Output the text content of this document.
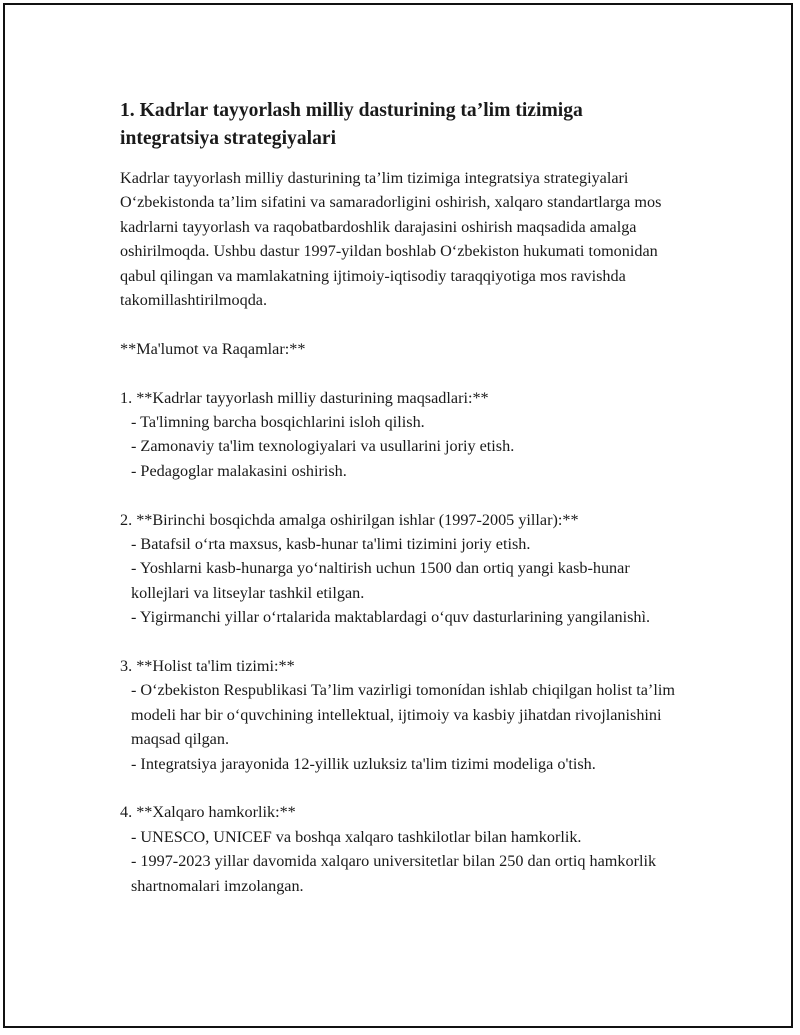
1. Kadrlar tayyorlash milliy dasturining ta’lim tizimiga integratsiya strategiyalari

Kadrlar tayyorlash milliy dasturining ta’lim tizimiga integratsiya strategiyalari O‘zbekistonda ta’lim sifatini va samaradorligini oshirish, xalqaro standartlarga mos kadrlarni tayyorlash va raqobatbardoshlik darajasini oshirish maqsadida amalga oshirilmoqda. Ushbu dastur 1997-yildan boshlab O‘zbekiston hukumati tomonidan qabul qilingan va mamlakatning ijtimoiy-iqtisodiy taraqqiyotiga mos ravishda takomillashtirilmoqda.

**Ma'lumot va Raqamlar:**

1. **Kadrlar tayyorlash milliy dasturining maqsadlari:**

- Ta'limning barcha bosqichlarini isloh qilish.

- Zamonaviy ta'lim texnologiyalari va usullarini joriy etish.

- Pedagoglar malakasini oshirish.

2. **Birinchi bosqichda amalga oshirilgan ishlar (1997-2005 yillar):**

- Batafsil o‘rta maxsus, kasb-hunar ta'limi tizimini joriy etish.

- Yoshlarni kasb-hunarga yo‘naltirish uchun 1500 dan ortiq yangi kasb-hunar kollejlari va litseylar tashkil etilgan.

- Yigirmanchi yillar o‘rtalarida maktablardagi o‘quv dasturlarining yangilanishì.

3. **Holist ta'lim tizimi:**

- O‘zbekiston Respublikasi Ta’lim vazirligi tomonídan ishlab chiqilgan holist ta’lim modeli har bir o‘quvchining intellektual, ijtimoiy va kasbiy jihatdan rivojlanishini maqsad qilgan.

- Integratsiya jarayonida 12-yillik uzluksiz ta'lim tizimi modeliga o'tish.

4. **Xalqaro hamkorlik:**

- UNESCO, UNICEF va boshqa xalqaro tashkilotlar bilan hamkorlik.

- 1997-2023 yillar davomida xalqaro universitetlar bilan 250 dan ortiq hamkorlik shartnomalari imzolangan.
